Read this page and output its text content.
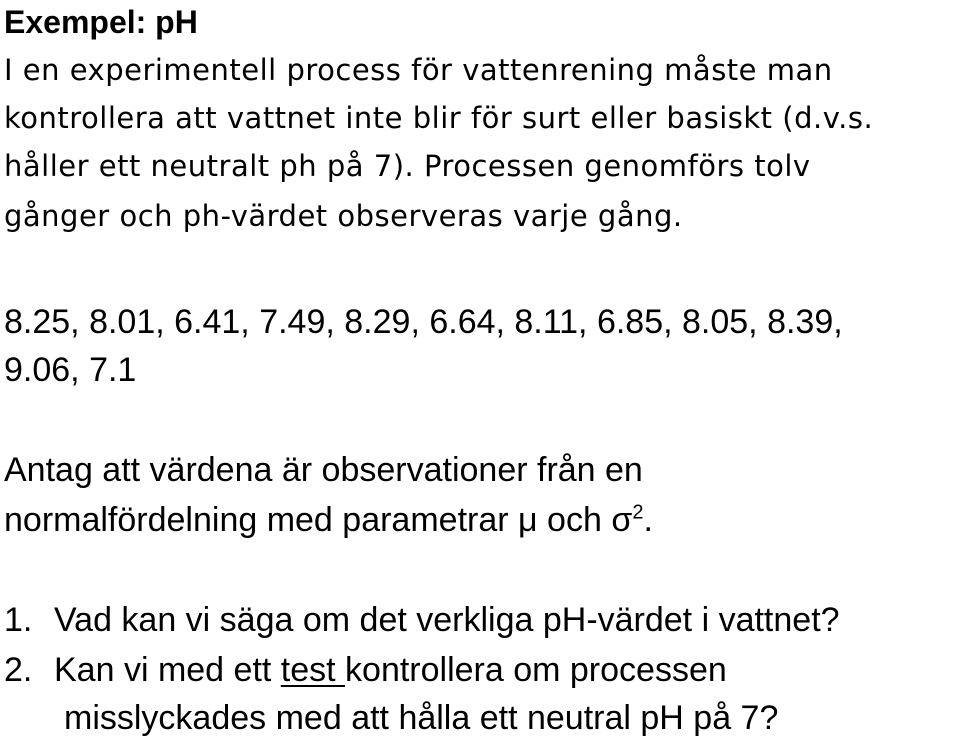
Exempel: pH
I en experimentell process för vattenrening måste man
kontrollera att vattnet inte blir för surt eller basiskt (d.v.s.
håller ett neutralt ph på 7). Processen genomförs tolv
gånger och ph-värdet observeras varje gång.
8.25, 8.01, 6.41, 7.49, 8.29, 6.64, 8.11, 6.85, 8.05, 8.39,
9.06, 7.1
Antag att värdena är observationer från en
normalfördelning med parametrar μ och $\sigma^2$.
1. Vad kan vi säga om det verkliga pH-värdet i vattnet?
2. Kan vi med ett test kontrollera om processen
misslyckades med att hålla ett neutral pH på 7?
